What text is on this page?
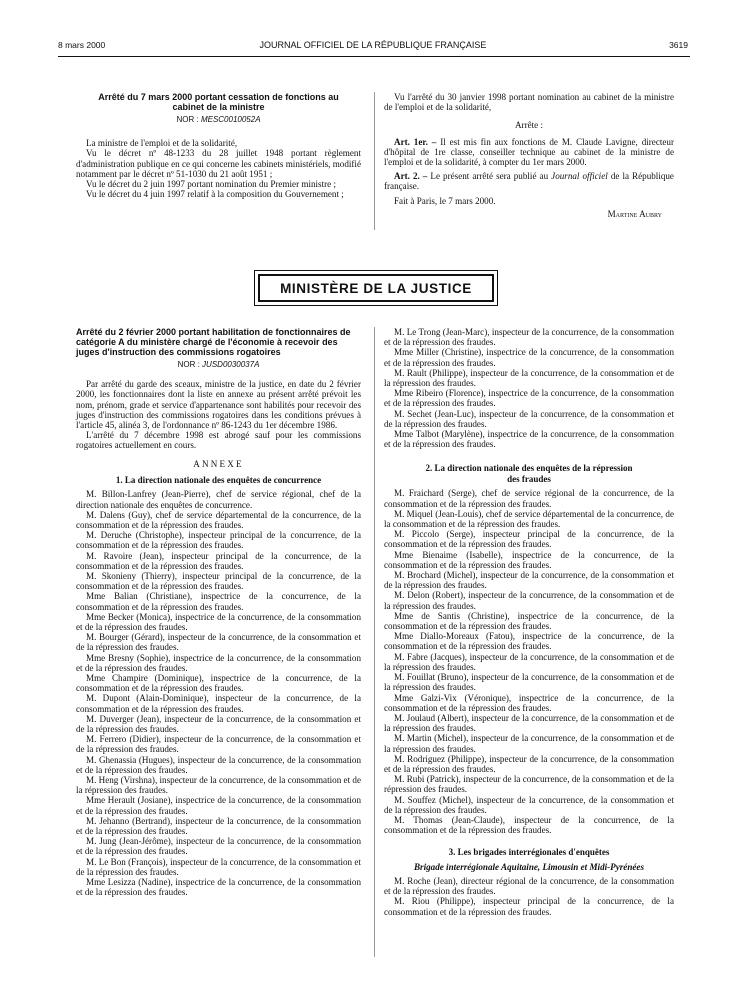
8 mars 2000	JOURNAL OFFICIEL DE LA RÉPUBLIQUE FRANÇAISE	3619
Arrêté du 7 mars 2000 portant cessation de fonctions au cabinet de la ministre
NOR : MESC0010052A

La ministre de l'emploi et de la solidarité,

Vu le décret nº 48-1233 du 28 juillet 1948 portant règlement d'administration publique en ce qui concerne les cabinets ministériels, modifié notamment par le décret nº 51-1030 du 21 août 1951 ;

Vu le décret du 2 juin 1997 portant nomination du Premier ministre ;

Vu le décret du 4 juin 1997 relatif à la composition du Gouvernement ;

Vu l'arrêté du 30 janvier 1998 portant nomination au cabinet de la ministre de l'emploi et de la solidarité,

Arrête :

Art. 1er. – Il est mis fin aux fonctions de M. Claude Lavigne, directeur d'hôpital de 1re classe, conseiller technique au cabinet de la ministre de l'emploi et de la solidarité, à compter du 1er mars 2000.

Art. 2. – Le présent arrêté sera publié au Journal officiel de la République française.

Fait à Paris, le 7 mars 2000.

Martine Aubry

MINISTÈRE DE LA JUSTICE
Arrêté du 2 février 2000 portant habilitation de fonctionnaires de catégorie A du ministère chargé de l'économie à recevoir des juges d'instruction des commissions rogatoires
NOR : JUSD0030037A

Par arrêté du garde des sceaux, ministre de la justice, en date du 2 février 2000, les fonctionnaires dont la liste en annexe au présent arrêté prévoit les nom, prénom, grade et service d'appartenance sont habilités pour recevoir des juges d'instruction des commissions rogatoires dans les conditions prévues à l'article 45, alinéa 3, de l'ordonnance nº 86-1243 du 1er décembre 1986.

L'arrêté du 7 décembre 1998 est abrogé sauf pour les commissions rogatoires actuellement en cours.

ANNEXE
1. La direction nationale des enquêtes de concurrence

M. Billon-Lanfrey (Jean-Pierre), chef de service régional, chef de la direction nationale des enquêtes de concurrence.

M. Dalens (Guy), chef de service départemental de la concurrence, de la consommation et de la répression des fraudes.

M. Deruche (Christophe), inspecteur principal de la concurrence, de la consommation et de la répression des fraudes.

M. Ravoire (Jean), inspecteur principal de la concurrence, de la consommation et de la répression des fraudes.

M. Skonieny (Thierry), inspecteur principal de la concurrence, de la consommation et de la répression des fraudes.

Mme Balian (Christiane), inspectrice de la concurrence, de la consommation et de la répression des fraudes.

Mme Becker (Monica), inspectrice de la concurrence, de la consommation et de la répression des fraudes.

M. Bourger (Gérard), inspecteur de la concurrence, de la consommation et de la répression des fraudes.

Mme Bresny (Sophie), inspectrice de la concurrence, de la consommation et de la répression des fraudes.

Mme Champire (Dominique), inspectrice de la concurrence, de la consommation et de la répression des fraudes.

M. Dupont (Alain-Dominique), inspecteur de la concurrence, de la consommation et de la répression des fraudes.

M. Duverger (Jean), inspecteur de la concurrence, de la consommation et de la répression des fraudes.

M. Ferrero (Didier), inspecteur de la concurrence, de la consommation et de la répression des fraudes.

M. Ghenassia (Hugues), inspecteur de la concurrence, de la consommation et de la répression des fraudes.

M. Heng (Virshna), inspecteur de la concurrence, de la consommation et de la répression des fraudes.

Mme Herault (Josiane), inspectrice de la concurrence, de la consommation et de la répression des fraudes.

M. Jehanno (Bertrand), inspecteur de la concurrence, de la consommation et de la répression des fraudes.

M. Jung (Jean-Jérôme), inspecteur de la concurrence, de la consommation et de la répression des fraudes.

M. Le Bon (François), inspecteur de la concurrence, de la consommation et de la répression des fraudes.

Mme Lesizza (Nadine), inspectrice de la concurrence, de la consommation et de la répression des fraudes.

M. Le Trong (Jean-Marc), inspecteur de la concurrence, de la consommation et de la répression des fraudes.

Mme Miller (Christine), inspectrice de la concurrence, de la consommation et de la répression des fraudes.

M. Rault (Philippe), inspecteur de la concurrence, de la consommation et de la répression des fraudes.

Mme Ribeiro (Florence), inspectrice de la concurrence, de la consommation et de la répression des fraudes.

M. Sechet (Jean-Luc), inspecteur de la concurrence, de la consommation et de la répression des fraudes.

Mme Talbot (Marylène), inspectrice de la concurrence, de la consommation et de la répression des fraudes.

2. La direction nationale des enquêtes de la répression des fraudes

M. Fraichard (Serge), chef de service régional de la concurrence, de la consommation et de la répression des fraudes.

M. Miquel (Jean-Louis), chef de service départemental de la concurrence, de la consommation et de la répression des fraudes.

M. Piccolo (Serge), inspecteur principal de la concurrence, de la consommation et de la répression des fraudes.

Mme Bienaime (Isabelle), inspectrice de la concurrence, de la consommation et de la répression des fraudes.

M. Brochard (Michel), inspecteur de la concurrence, de la consommation et de la répression des fraudes.

M. Delon (Robert), inspecteur de la concurrence, de la consommation et de la répression des fraudes.

Mme de Santis (Christine), inspectrice de la concurrence, de la consommation et de la répression des fraudes.

Mme Diallo-Moreaux (Fatou), inspectrice de la concurrence, de la consommation et de la répression des fraudes.

M. Fabre (Jacques), inspecteur de la concurrence, de la consommation et de la répression des fraudes.

M. Fouillat (Bruno), inspecteur de la concurrence, de la consommation et de la répression des fraudes.

Mme Galzi-Vix (Véronique), inspectrice de la concurrence, de la consommation et de la répression des fraudes.

M. Joulaud (Albert), inspecteur de la concurrence, de la consommation et de la répression des fraudes.

M. Martin (Michel), inspecteur de la concurrence, de la consommation et de la répression des fraudes.

M. Rodriguez (Philippe), inspecteur de la concurrence, de la consommation et de la répression des fraudes.

M. Rubi (Patrick), inspecteur de la concurrence, de la consommation et de la répression des fraudes.

M. Souffez (Michel), inspecteur de la concurrence, de la consommation et de la répression des fraudes.

M. Thomas (Jean-Claude), inspecteur de la concurrence, de la consommation et de la répression des fraudes.

3. Les brigades interrégionales d'enquêtes
Brigade interrégionale Aquitaine, Limousin et Midi-Pyrénées

M. Roche (Jean), directeur régional de la concurrence, de la consommation et de la répression des fraudes.

M. Riou (Philippe), inspecteur principal de la concurrence, de la consommation et de la répression des fraudes.
